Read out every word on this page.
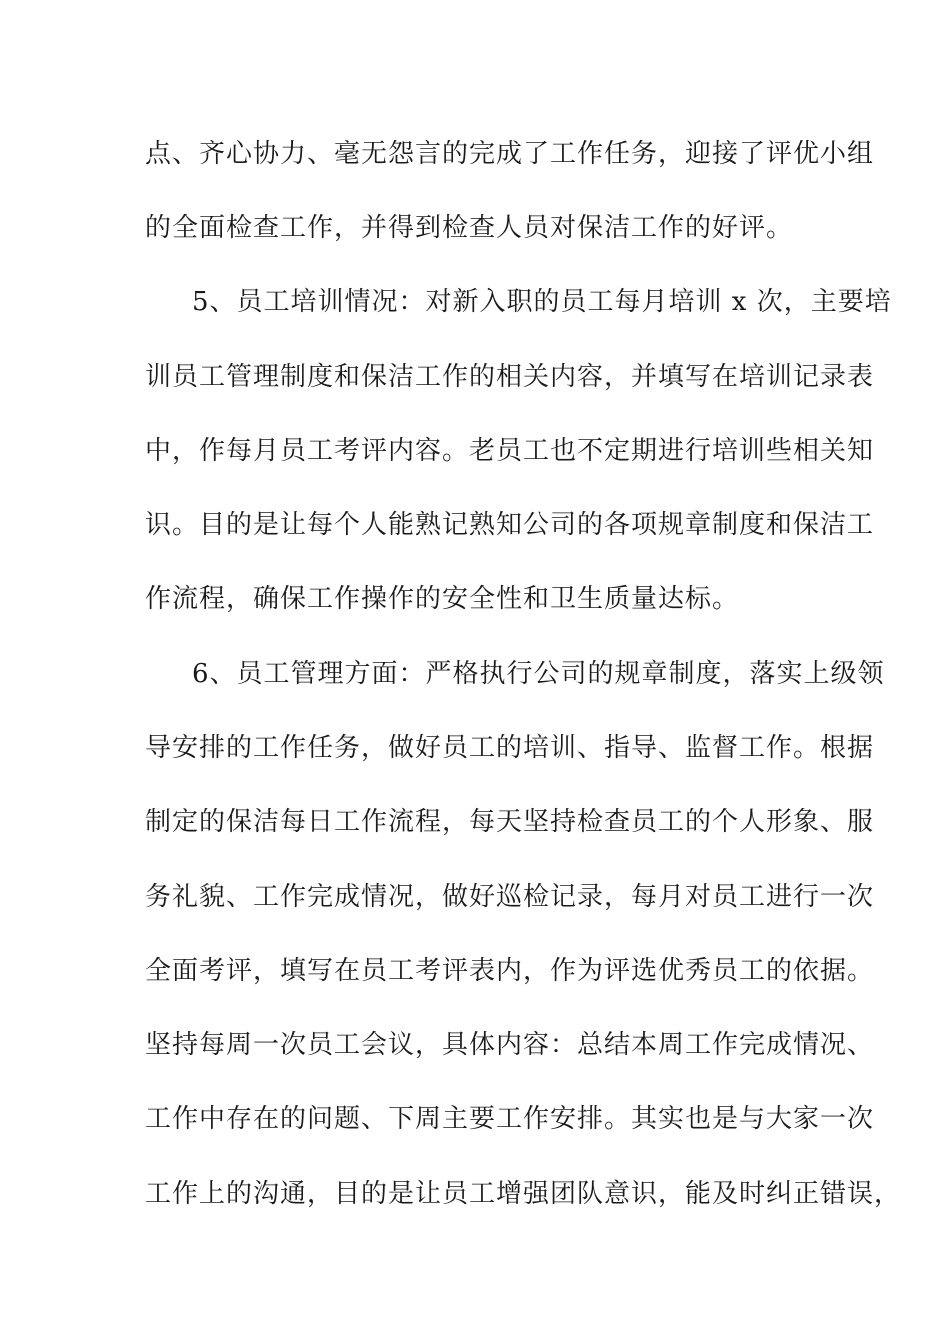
点、齐心协力、毫无怨言的完成了工作任务，迎接了评优小组
的全面检查工作，并得到检查人员对保洁工作的好评。
5、员工培训情况：对新入职的员工每月培训 x 次，主要培
训员工管理制度和保洁工作的相关内容，并填写在培训记录表
中，作每月员工考评内容。老员工也不定期进行培训些相关知
识。目的是让每个人能熟记熟知公司的各项规章制度和保洁工
作流程，确保工作操作的安全性和卫生质量达标。
6、员工管理方面：严格执行公司的规章制度，落实上级领
导安排的工作任务，做好员工的培训、指导、监督工作。根据
制定的保洁每日工作流程，每天坚持检查员工的个人形象、服
务礼貌、工作完成情况，做好巡检记录，每月对员工进行一次
全面考评，填写在员工考评表内，作为评选优秀员工的依据。
坚持每周一次员工会议，具体内容：总结本周工作完成情况、
工作中存在的问题、下周主要工作安排。其实也是与大家一次
工作上的沟通，目的是让员工增强团队意识，能及时纠正错误，
